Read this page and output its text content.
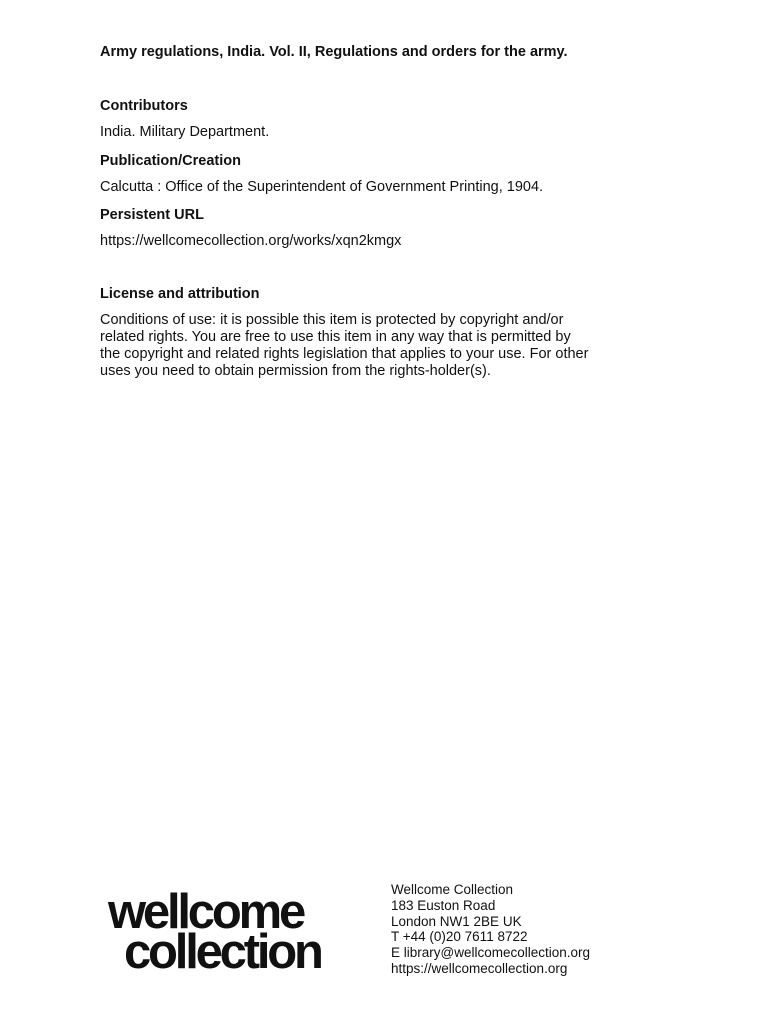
Army regulations, India. Vol. II, Regulations and orders for the army.
Contributors
India. Military Department.
Publication/Creation
Calcutta : Office of the Superintendent of Government Printing, 1904.
Persistent URL
https://wellcomecollection.org/works/xqn2kmgx
License and attribution
Conditions of use: it is possible this item is protected by copyright and/or
related rights. You are free to use this item in any way that is permitted by
the copyright and related rights legislation that applies to your use. For other
uses you need to obtain permission from the rights-holder(s).
wellcome
collection
Wellcome Collection
183 Euston Road
London NW1 2BE UK
T +44 (0)20 7611 8722
E library@wellcomecollection.org
https://wellcomecollection.org
